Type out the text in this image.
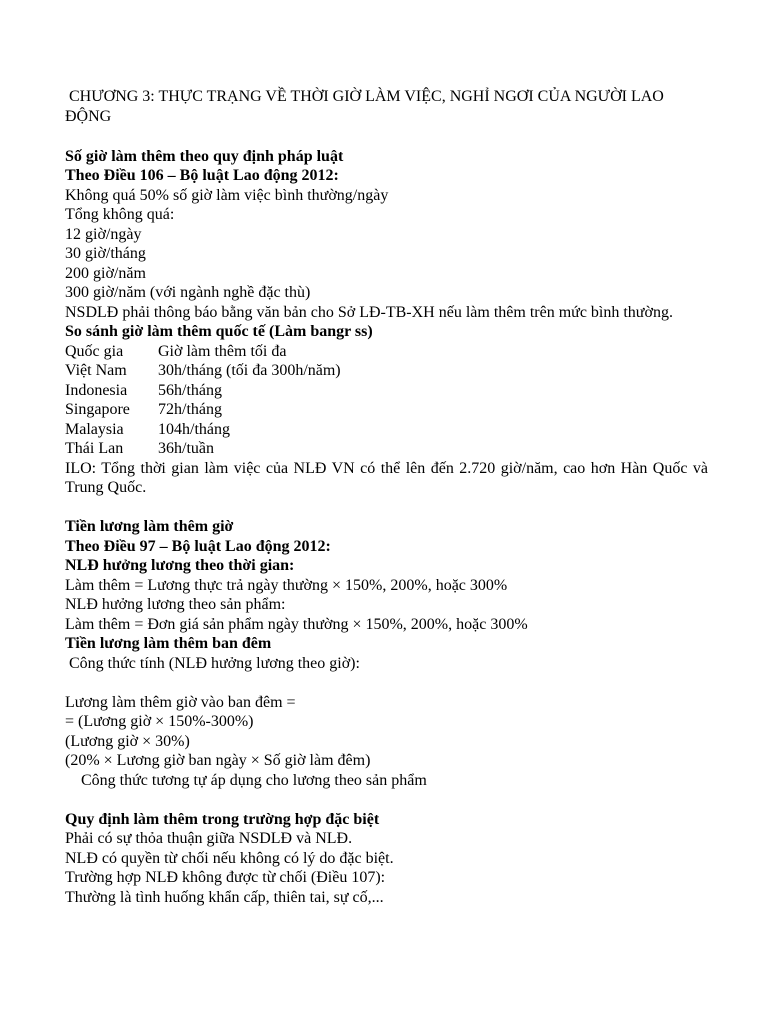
CHƯƠNG 3: THỰC TRẠNG VỀ THỜI GIỜ LÀM VIỆC, NGHỈ NGƠI CỦA NGƯỜI LAO ĐỘNG
Số giờ làm thêm theo quy định pháp luật
Theo Điều 106 – Bộ luật Lao động 2012:
Không quá 50% số giờ làm việc bình thường/ngày
Tổng không quá:
12 giờ/ngày
30 giờ/tháng
200 giờ/năm
300 giờ/năm (với ngành nghề đặc thù)
NSDLĐ phải thông báo bằng văn bản cho Sở LĐ-TB-XH nếu làm thêm trên mức bình thường.
So sánh giờ làm thêm quốc tế (Làm bangr ss)
Quốc gia	Giờ làm thêm tối đa
Việt Nam	30h/tháng (tối đa 300h/năm)
Indonesia	56h/tháng
Singapore	72h/tháng
Malaysia	104h/tháng
Thái Lan	36h/tuần
ILO: Tổng thời gian làm việc của NLĐ VN có thể lên đến 2.720 giờ/năm, cao hơn Hàn Quốc và Trung Quốc.
Tiền lương làm thêm giờ
Theo Điều 97 – Bộ luật Lao động 2012:
NLĐ hưởng lương theo thời gian:
Làm thêm = Lương thực trả ngày thường × 150%, 200%, hoặc 300%
NLĐ hưởng lương theo sản phẩm:
Làm thêm = Đơn giá sản phẩm ngày thường × 150%, 200%, hoặc 300%
Tiền lương làm thêm ban đêm
Công thức tính (NLĐ hưởng lương theo giờ):
Lương làm thêm giờ vào ban đêm =
= (Lương giờ × 150%-300%)
(Lương giờ × 30%)
(20% × Lương giờ ban ngày × Số giờ làm đêm)
Công thức tương tự áp dụng cho lương theo sản phẩm
Quy định làm thêm trong trường hợp đặc biệt
Phải có sự thỏa thuận giữa NSDLĐ và NLĐ.
NLĐ có quyền từ chối nếu không có lý do đặc biệt.
Trường hợp NLĐ không được từ chối (Điều 107):
Thường là tình huống khẩn cấp, thiên tai, sự cố,...
